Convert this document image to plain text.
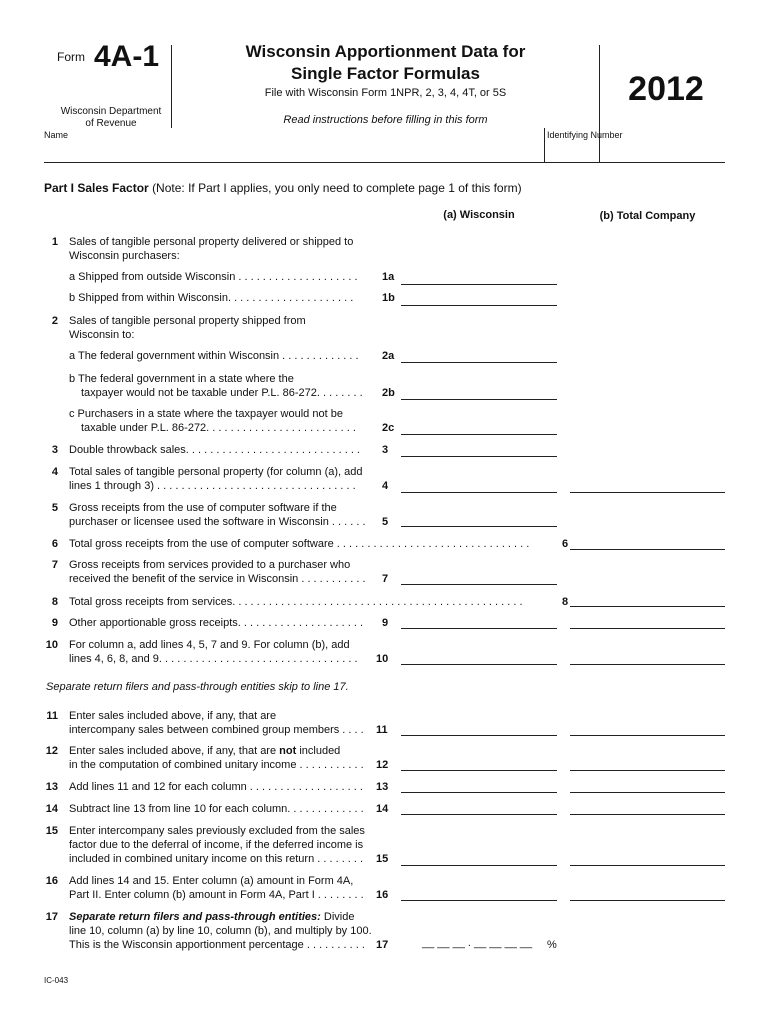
Form 4A-1
Wisconsin Department
of Revenue
Wisconsin Apportionment Data for
Single Factor Formulas
File with Wisconsin Form 1NPR, 2, 3, 4, 4T, or 5S
Read instructions before filling in this form
2012
Name	Identifying Number
Part I Sales Factor (Note: If Part I applies, you only need to complete page 1 of this form)
(a) Wisconsin	(b) Total Company
1 Sales of tangible personal property delivered or shipped to
Wisconsin purchasers:
a Shipped from outside Wisconsin . . . . . . . . . . . . . . . . . . . . 1a
b Shipped from within Wisconsin. . . . . . . . . . . . . . . . . . . . .	1b
2 Sales of tangible personal property shipped from
Wisconsin to:
a The federal government within Wisconsin . . . . . . . . . . . . . 2a
b The federal government in a state where the
taxpayer would not be taxable under P.L. 86-272. . . . . . . . 2b
c Purchasers in a state where the taxpayer would not be
taxable under P.L. 86-272. . . . . . . . . . . . . . . . . . . . . . . . . 2c
3 Double throwback sales. . . . . . . . . . . . . . . . . . . . . . . . . . . . . 3
4 Total sales of tangible personal property (for column (a), add
lines 1 through 3) . . . . . . . . . . . . . . . . . . . . . . . . . . . . . . . . . 4
5 Gross receipts from the use of computer software if the
purchaser or licensee used the software in Wisconsin . . . . . . 5
6 Total gross receipts from the use of computer software . . . . . . . . . . . . . . . . . . . . . . . . . . . . . . . .	6
7 Gross receipts from services provided to a purchaser who
received the benefit of the service in Wisconsin . . . . . . . . . . . 7
8 Total gross receipts from services. . . . . . . . . . . . . . . . . . . . . . . . . . . . . . . . . . . . . . . . . . . . . . . .	8
9 Other apportionable gross receipts. . . . . . . . . . . . . . . . . . . . . 9
10 For column a, add lines 4, 5, 7 and 9. For column (b), add
lines 4, 6, 8, and 9. . . . . . . . . . . . . . . . . . . . . . . . . . . . . . . . . 10
Separate return filers and pass-through entities skip to line 17.
11 Enter sales included above, if any, that are
intercompany sales between combined group members . . . . 11
12 Enter sales included above, if any, that are not included
in the computation of combined unitary income . . . . . . . . . . . 12
13 Add lines 11 and 12 for each column . . . . . . . . . . . . . . . . . . . 13
14 Subtract line 13 from line 10 for each column. . . . . . . . . . . . . 14
15 Enter intercompany sales previously excluded from the sales
factor due to the deferral of income, if the deferred income is
included in combined unitary income on this return . . . . . . . . 15
16 Add lines 14 and 15. Enter column (a) amount in Form 4A,
Part II. Enter column (b) amount in Form 4A, Part I . . . . . . . . 16
17 Separate return filers and pass-through entities: Divide
line 10, column (a) by line 10, column (b), and multiply by 100.
This is the Wisconsin apportionment percentage . . . . . . . . . . 17	__ __ __ . __ __ __ __ %
IC-043
